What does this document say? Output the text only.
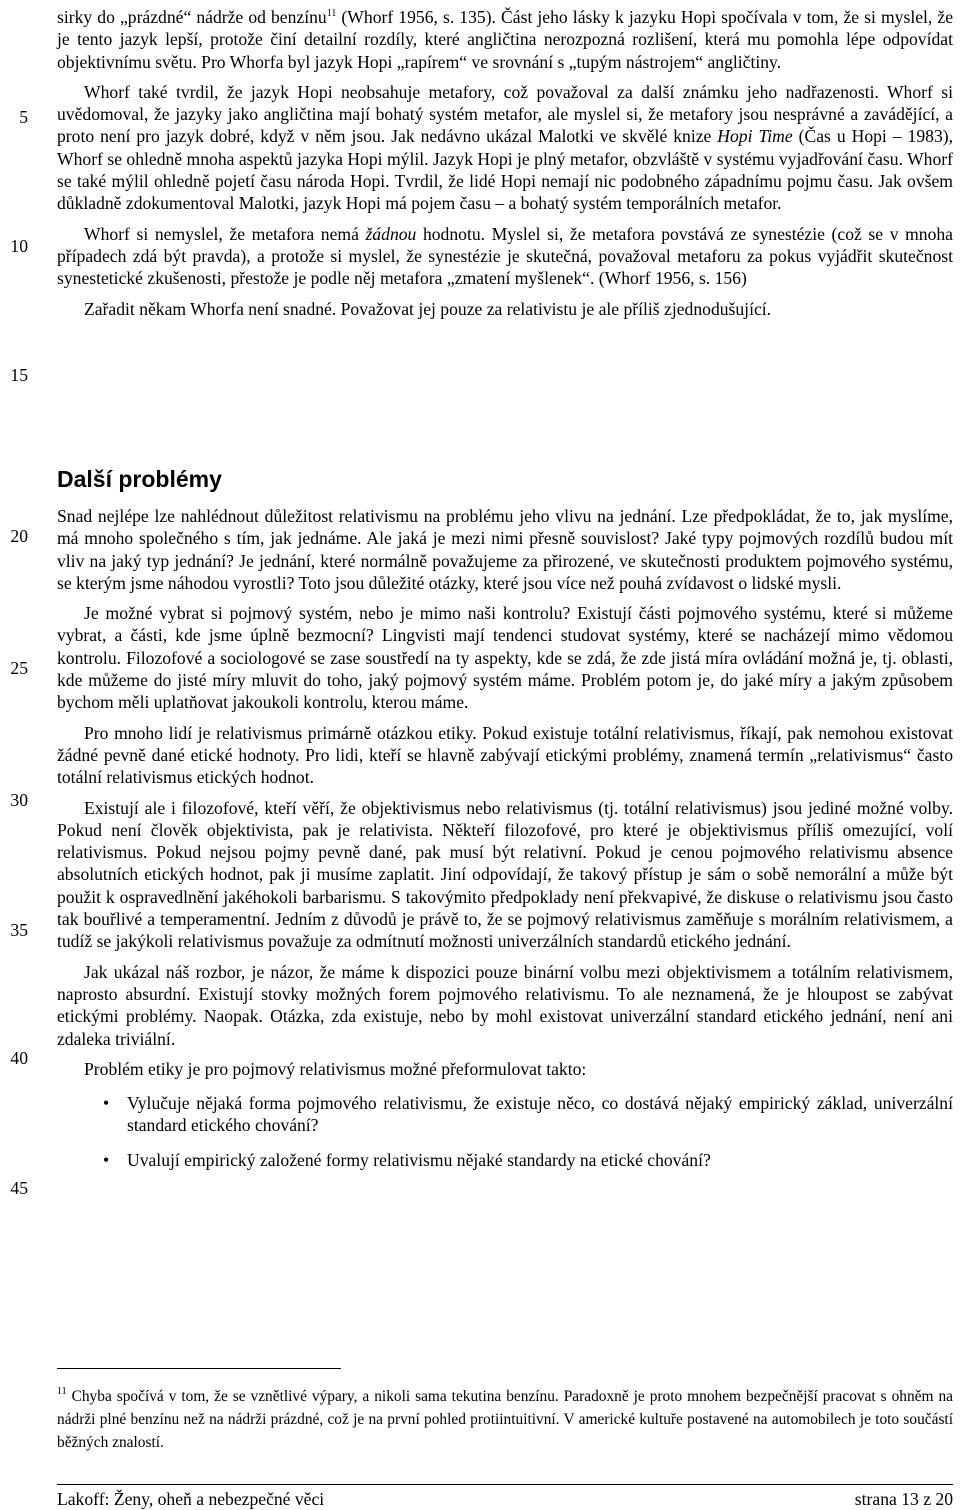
5
10
15
20
25
30
35
40
45

sirky do „prázdné“ nádrže od benzínu$^{11}$ (Whorf 1956, s. 135). Část jeho lásky k jazyku Hopi spočívala v tom, že si myslel, že je tento jazyk lepší, protože činí detailní rozdíly, které angličtina nerozpozná rozlišení, která mu pomohla lépe odpovídat objektivnímu světu. Pro Whorfa byl jazyk Hopi „rapírem“ ve srovnání s „tupým nástrojem“ angličtiny.

Whorf také tvrdil, že jazyk Hopi neobsahuje metafory, což považoval za další známku jeho nadřazenosti. Whorf si uvědomoval, že jazyky jako angličtina mají bohatý systém metafor, ale myslel si, že metafory jsou nesprávné a zavádějící, a proto není pro jazyk dobré, když v něm jsou. Jak nedávno ukázal Malotki ve skvělé knize Hopi Time (Čas u Hopi – 1983), Whorf se ohledně mnoha aspektů jazyka Hopi mýlil. Jazyk Hopi je plný metafor, obzvláště v systému vyjadřování času. Whorf se také mýlil ohledně pojetí času národa Hopi. Tvrdil, že lidé Hopi nemají nic podobného západnímu pojmu času. Jak ovšem důkladně zdokumentoval Malotki, jazyk Hopi má pojem času – a bohatý systém temporálních metafor.

Whorf si nemyslel, že metafora nemá žádnou hodnotu. Myslel si, že metafora povstává ze synestézie (což se v mnoha případech zdá být pravda), a protože si myslel, že synestézie je skutečná, považoval metaforu za pokus vyjádřit skutečnost synestetické zkušenosti, přestože je podle něj metafora „zmatení myšlenek“. (Whorf 1956, s. 156)

Zařadit někam Whorfa není snadné. Považovat jej pouze za relativistu je ale příliš zjednodušující.

Další problémy

Snad nejlépe lze nahlédnout důležitost relativismu na problému jeho vlivu na jednání. Lze předpokládat, že to, jak myslíme, má mnoho společného s tím, jak jednáme. Ale jaká je mezi nimi přesně souvislost? Jaké typy pojmových rozdílů budou mít vliv na jaký typ jednání? Je jednání, které normálně považujeme za přirozené, ve skutečnosti produktem pojmového systému, se kterým jsme náhodou vyrostli? Toto jsou důležité otázky, které jsou více než pouhá zvídavost o lidské mysli.

Je možné vybrat si pojmový systém, nebo je mimo naši kontrolu? Existují části pojmového systému, které si můžeme vybrat, a části, kde jsme úplně bezmocní? Lingvisti mají tendenci studovat systémy, které se nacházejí mimo vědomou kontrolu. Filozofové a sociologové se zase soustředí na ty aspekty, kde se zdá, že zde jistá míra ovládání možná je, tj. oblasti, kde můžeme do jisté míry mluvit do toho, jaký pojmový systém máme. Problém potom je, do jaké míry a jakým způsobem bychom měli uplatňovat jakoukoli kontrolu, kterou máme.

Pro mnoho lidí je relativismus primárně otázkou etiky. Pokud existuje totální relativismus, říkají, pak nemohou existovat žádné pevně dané etické hodnoty. Pro lidi, kteří se hlavně zabývají etickými problémy, znamená termín „relativismus“ často totální relativismus etických hodnot.

Existují ale i filozofové, kteří věří, že objektivismus nebo relativismus (tj. totální relativismus) jsou jediné možné volby. Pokud není člověk objektivista, pak je relativista. Někteří filozofové, pro které je objektivismus příliš omezující, volí relativismus. Pokud nejsou pojmy pevně dané, pak musí být relativní. Pokud je cenou pojmového relativismu absence absolutních etických hodnot, pak ji musíme zaplatit. Jiní odpovídají, že takový přístup je sám o sobě nemorální a může být použit k ospravedlnění jakéhokoli barbarismu. S takovýmito předpoklady není překvapivé, že diskuse o relativismu jsou často tak bouřlivé a temperamentní. Jedním z důvodů je právě to, že se pojmový relativismus zaměňuje s morálním relativismem, a tudíž se jakýkoli relativismus považuje za odmítnutí možnosti univerzálních standardů etického jednání.

Jak ukázal náš rozbor, je názor, že máme k dispozici pouze binární volbu mezi objektivismem a totálním relativismem, naprosto absurdní. Existují stovky možných forem pojmového relativismu. To ale neznamená, že je hloupost se zabývat etickými problémy. Naopak. Otázka, zda existuje, nebo by mohl existovat univerzální standard etického jednání, není ani zdaleka triviální.

Problém etiky je pro pojmový relativismus možné přeformulovat takto:

• Vylučuje nějaká forma pojmového relativismu, že existuje něco, co dostává nějaký empirický základ, univerzální standard etického chování?
• Uvalují empirický založené formy relativismu nějaké standardy na etické chování?
$^{11}$ Chyba spočívá v tom, že se vznětlivé výpary, a nikoli sama tekutina benzínu. Paradoxně je proto mnohem bezpečnější pracovat s ohněm na nádrži plné benzínu než na nádrži prázdné, což je na první pohled protiintuitivní. V americké kultuře postavené na automobilech je toto součástí běžných znalostí.
Lakoff: Ženy, oheň a nebezpečné věci	strana 13 z 20
